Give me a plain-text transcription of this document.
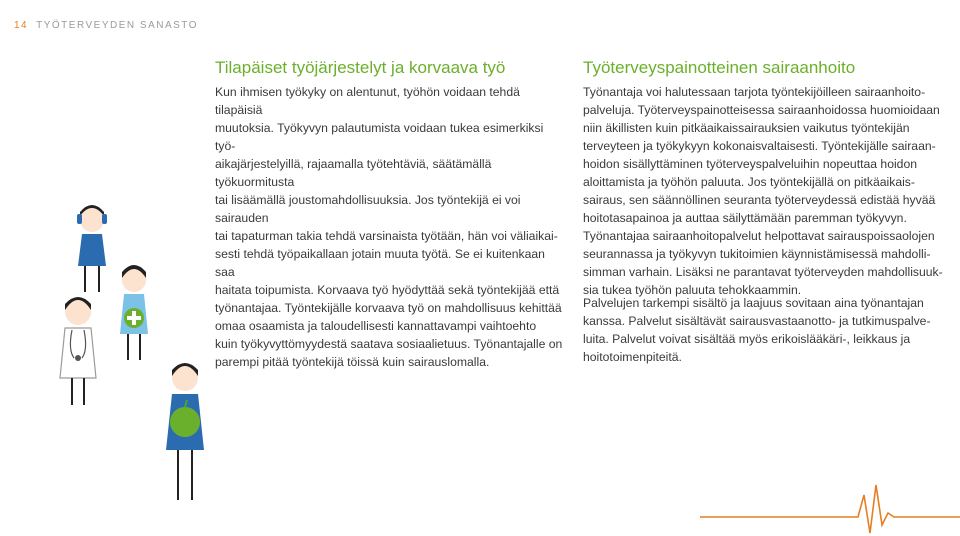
14 TYÖTERVEYDEN SANASTO
Tilapäiset työjärjestelyt ja korvaava työ

Kun ihmisen työkyky on alentunut, työhön voidaan tehdä tilapäisiä
muutoksia. Työkyvyn palautumista voidaan tukea esimerkiksi työ-
aikajärjestelyillä, rajaamalla työtehtäviä, säätämällä työkuormitusta
tai lisäämällä joustomahdollisuuksia. Jos työntekijä ei voi sairauden
tai tapaturman takia tehdä varsinaista työtään, hän voi väliaikai-
sesti tehdä työpaikallaan jotain muuta työtä. Se ei kuitenkaan saa
haitata toipumista. Korvaava työ hyödyttää sekä työntekijää että
työnantajaa. Työntekijälle korvaava työ on mahdollisuus kehittää
omaa osaamista ja taloudellisesti kannattavampi vaihtoehto
kuin työkyvyttömyydestä saatava sosiaalietuus. Työnantajalle on
parempi pitää työntekijä töissä kuin sairauslomalla.

Työterveyspainotteinen sairaanhoito

Työnantaja voi halutessaan tarjota työntekijöilleen sairaanhoito-
palveluja. Työterveyspainotteisessa sairaanhoidossa huomioidaan
niin äkillisten kuin pitkäaikaissairauksien vaikutus työntekijän
terveyteen ja työkykyyn kokonaisvaltaisesti. Työntekijälle sairaan-
hoidon sisällyttäminen työterveyspalveluihin nopeuttaa hoidon
aloittamista ja työhön paluuta. Jos työntekijällä on pitkäaikais-
sairaus, sen säännöllinen seuranta työterveydessä edistää hyvää
hoitotasapainoa ja auttaa säilyttämään paremman työkyvyn.
Työnantajaa sairaanhoitopalvelut helpottavat sairauspoissaolojen
seurannassa ja työkyvyn tukitoimien käynnistämisessä mahdolli-
simman varhain. Lisäksi ne parantavat työterveyden mahdollisuuk-
sia tukea työhön paluuta tehokkaammin.

Palvelujen tarkempi sisältö ja laajuus sovitaan aina työnantajan
kanssa. Palvelut sisältävät sairausvastaanotto- ja tutkimuspalve-
luita. Palvelut voivat sisältää myös erikoislääkäri-, leikkaus ja
hoitotoimenpiteitä.
